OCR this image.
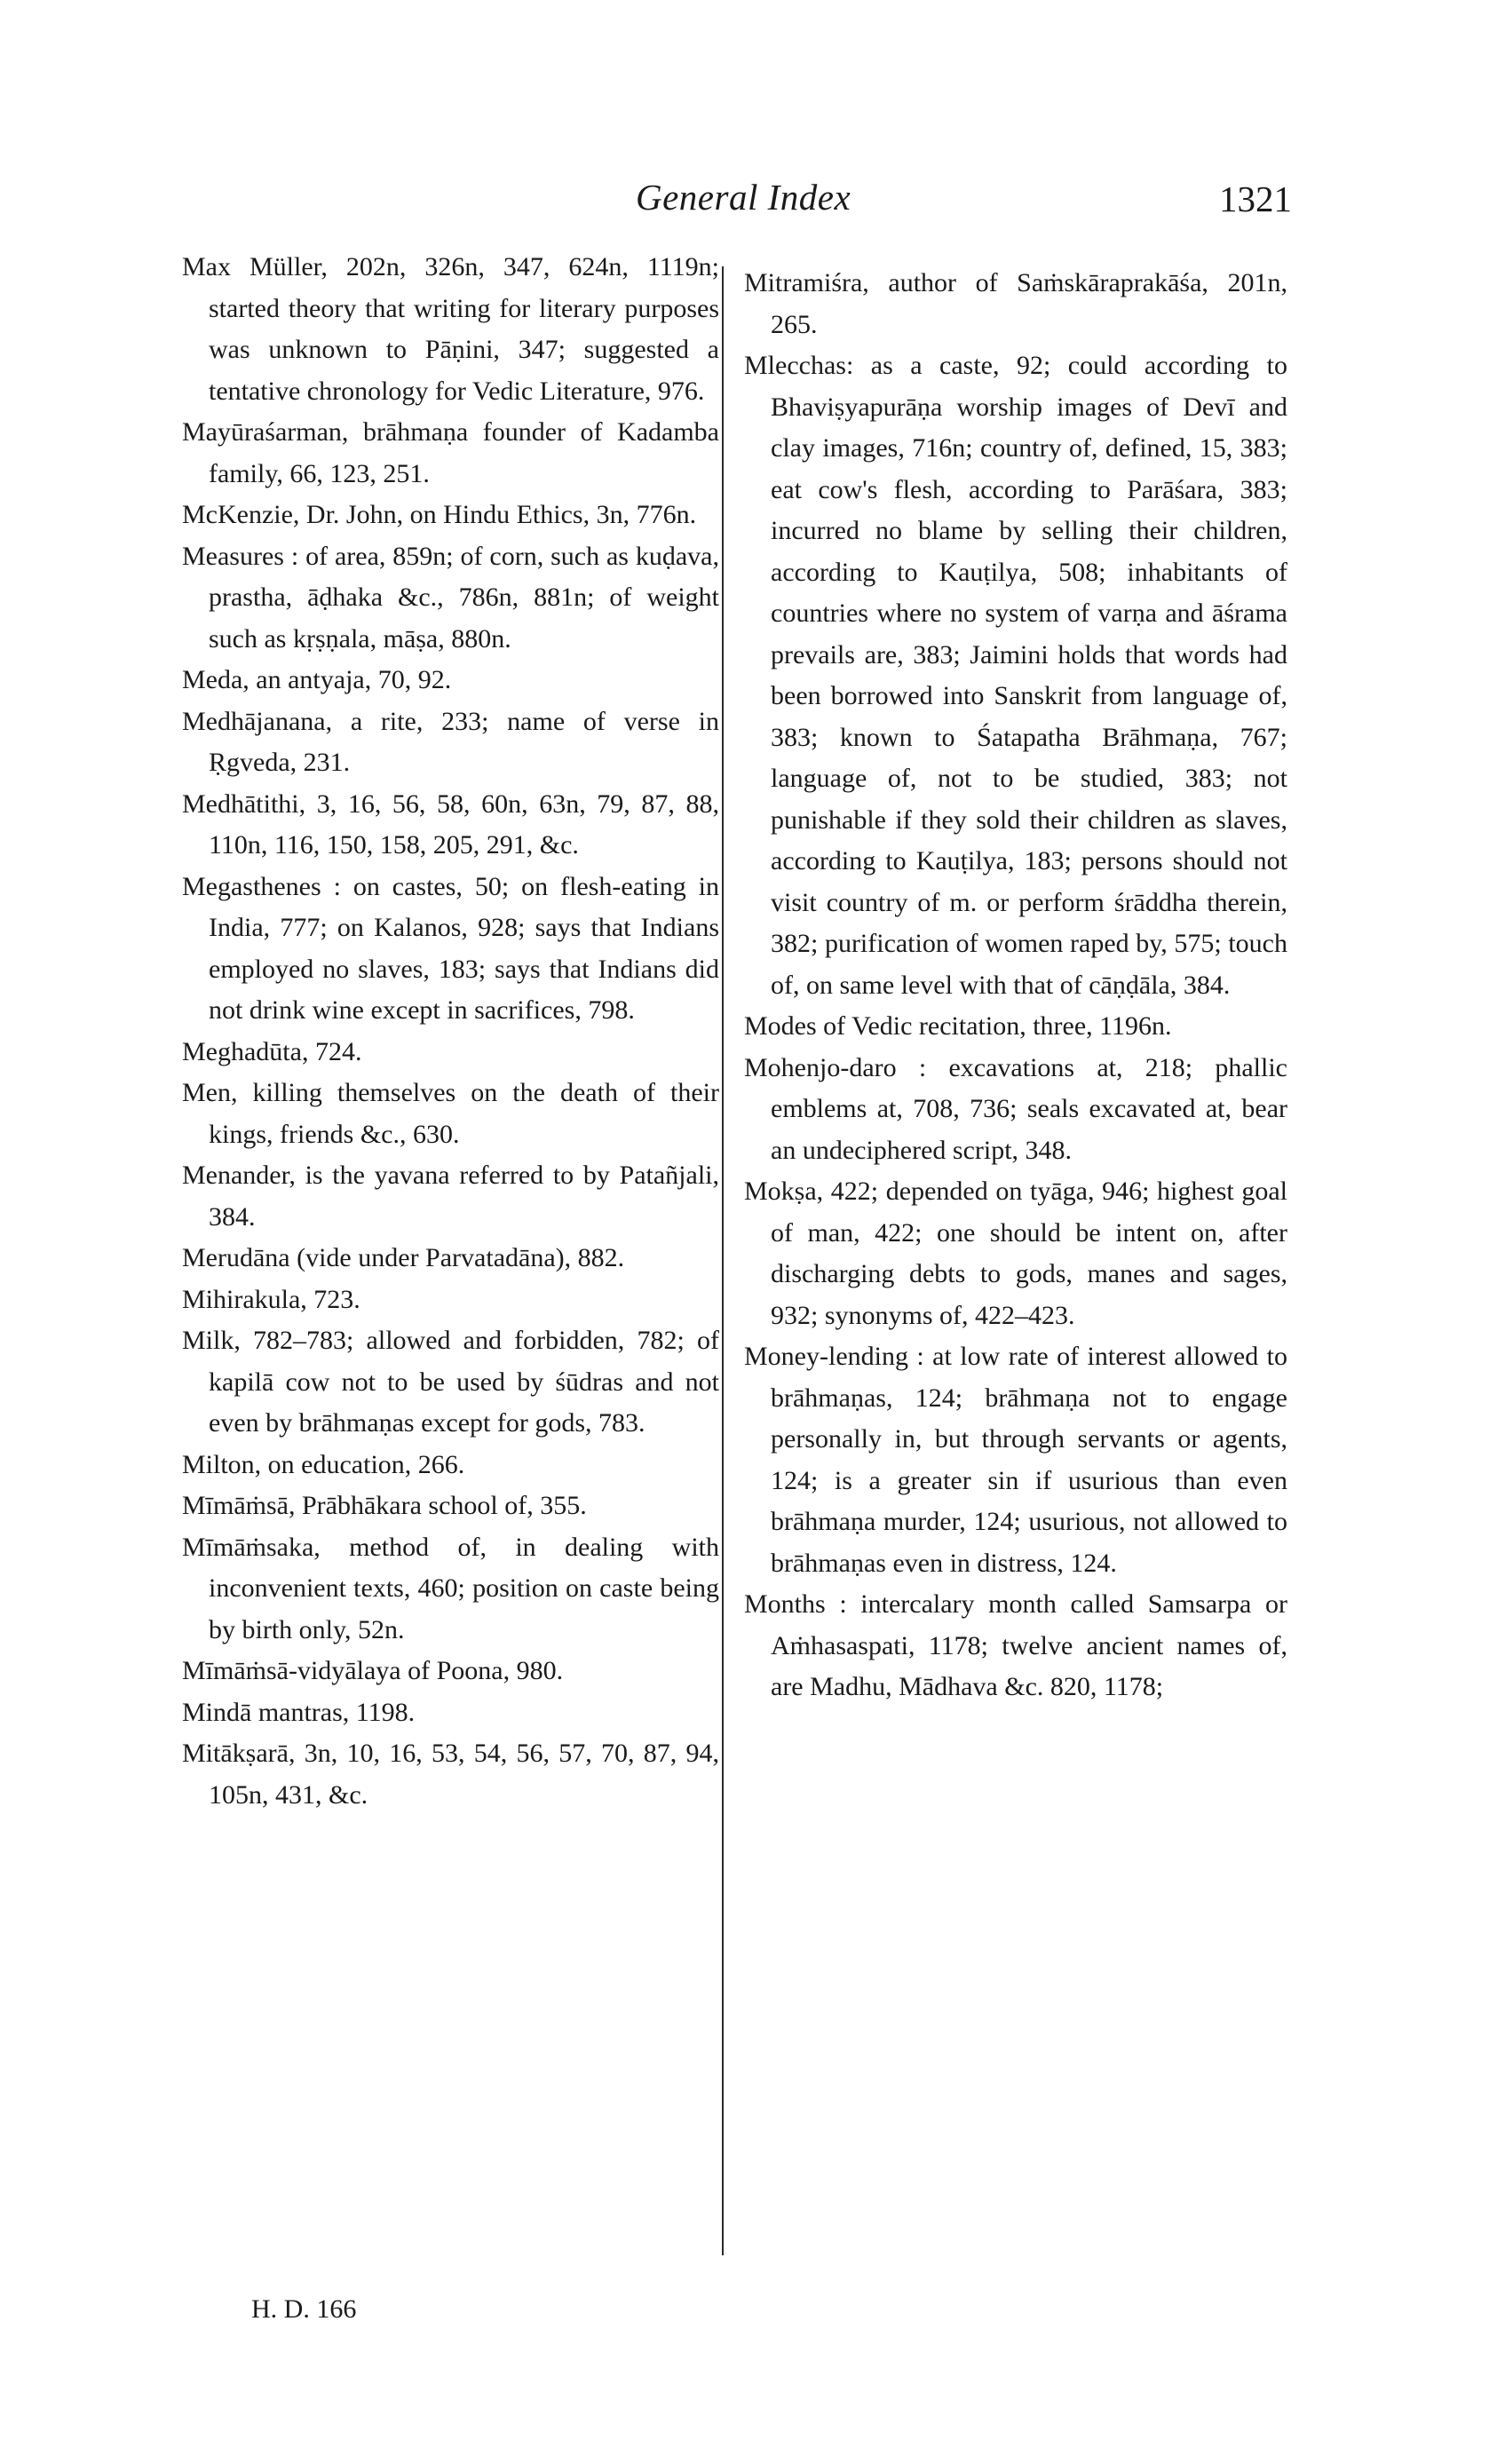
General Index	1321

Max Müller, 202n, 326n, 347, 624n, 1119n; started theory that writing for literary purposes was unknown to Pāṇini, 347; suggested a tentative chronology for Vedic Literature, 976.

Mayūraśarman, brāhmaṇa founder of Kadamba family, 66, 123, 251.

McKenzie, Dr. John, on Hindu Ethics, 3n, 776n.

Measures : of area, 859n; of corn, such as kuḍava, prastha, āḍhaka &c., 786n, 881n; of weight such as kṛṣṇala, māṣa, 880n.

Meda, an antyaja, 70, 92.

Medhājanana, a rite, 233; name of verse in Ṛgveda, 231.

Medhātithi, 3, 16, 56, 58, 60n, 63n, 79, 87, 88, 110n, 116, 150, 158, 205, 291, &c.

Megasthenes : on castes, 50; on flesh-eating in India, 777; on Kalanos, 928; says that Indians employed no slaves, 183; says that Indians did not drink wine except in sacrifices, 798.

Meghadūta, 724.

Men, killing themselves on the death of their kings, friends &c., 630.

Menander, is the yavana referred to by Patañjali, 384.

Merudāna (vide under Parvatadāna), 882.

Mihirakula, 723.

Milk, 782–783; allowed and forbidden, 782; of kapilā cow not to be used by śūdras and not even by brāhmaṇas except for gods, 783.

Milton, on education, 266.

Mīmāṁsā, Prābhākara school of, 355.

Mīmāṁsaka, method of, in dealing with inconvenient texts, 460; position on caste being by birth only, 52n.

Mīmāṁsā-vidyālaya of Poona, 980.

Mindā mantras, 1198.

Mitākṣarā, 3n, 10, 16, 53, 54, 56, 57, 70, 87, 94, 105n, 431, &c.

Mitramiśra, author of Saṁskāraprakāśa, 201n, 265.

Mlecchas: as a caste, 92; could according to Bhaviṣyapurāṇa worship images of Devī and clay images, 716n; country of, defined, 15, 383; eat cow's flesh, according to Parāśara, 383; incurred no blame by selling their children, according to Kauṭilya, 508; inhabitants of countries where no system of varṇa and āśrama prevails are, 383; Jaimini holds that words had been borrowed into Sanskrit from language of, 383; known to Śatapatha Brāhmaṇa, 767; language of, not to be studied, 383; not punishable if they sold their children as slaves, according to Kauṭilya, 183; persons should not visit country of m. or perform śrāddha therein, 382; purification of women raped by, 575; touch of, on same level with that of cāṇḍāla, 384.

Modes of Vedic recitation, three, 1196n.

Mohenjo-daro : excavations at, 218; phallic emblems at, 708, 736; seals excavated at, bear an undeciphered script, 348.

Mokṣa, 422; depended on tyāga, 946; highest goal of man, 422; one should be intent on, after discharging debts to gods, manes and sages, 932; synonyms of, 422–423.

Money-lending : at low rate of interest allowed to brāhmaṇas, 124; brāhmaṇa not to engage personally in, but through servants or agents, 124; is a greater sin if usurious than even brāhmaṇa murder, 124; usurious, not allowed to brāhmaṇas even in distress, 124.

Months : intercalary month called Samsarpa or Aṁhasaspati, 1178; twelve ancient names of, are Madhu, Mādhava &c. 820, 1178;

H. D. 166
